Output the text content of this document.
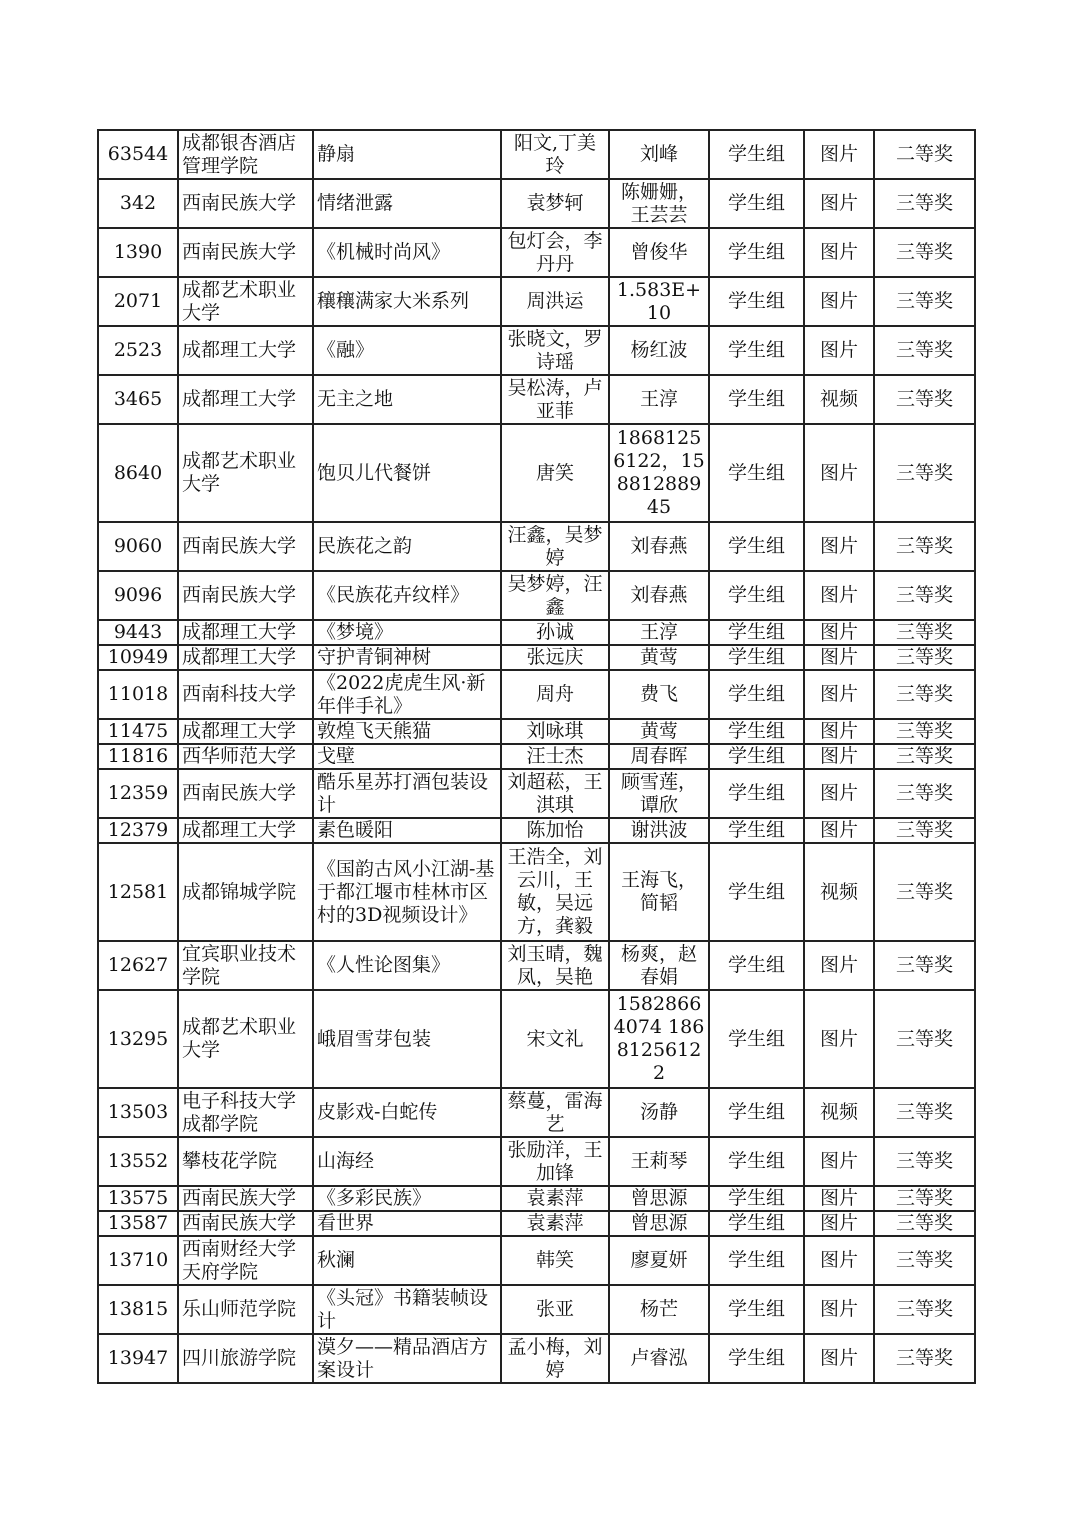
63544	成都银杏酒店管理学院	静扇	阳文,丁美玲	刘峰	学生组	图片	二等奖
342	西南民族大学	情绪泄露	袁梦轲	陈姗姗，王芸芸	学生组	图片	三等奖
1390	西南民族大学	《机械时尚风》	包灯会，李丹丹	曾俊华	学生组	图片	三等奖
2071	成都艺术职业大学	穰穰满家大米系列	周洪运	1.583E+10	学生组	图片	三等奖
2523	成都理工大学	《融》	张晓文，罗诗瑶	杨红波	学生组	图片	三等奖
3465	成都理工大学	无主之地	吴松涛，卢亚菲	王淳	学生组	视频	三等奖
8640	成都艺术职业大学	饱贝儿代餐饼	唐笑	18681256122，15881288945	学生组	图片	三等奖
9060	西南民族大学	民族花之韵	汪鑫，吴梦婷	刘春燕	学生组	图片	三等奖
9096	西南民族大学	《民族花卉纹样》	吴梦婷，汪鑫	刘春燕	学生组	图片	三等奖
9443	成都理工大学	《梦境》	孙诚	王淳	学生组	图片	三等奖
10949	成都理工大学	守护青铜神树	张远庆	黄莺	学生组	图片	三等奖
11018	西南科技大学	《2022虎虎生风·新年伴手礼》	周舟	费飞	学生组	图片	三等奖
11475	成都理工大学	敦煌飞天熊猫	刘咏琪	黄莺	学生组	图片	三等奖
11816	西华师范大学	戈壁	汪士杰	周春晖	学生组	图片	三等奖
12359	西南民族大学	酷乐星苏打酒包装设计	刘超菘，王淇琪	顾雪莲，谭欣	学生组	图片	三等奖
12379	成都理工大学	素色暖阳	陈加怡	谢洪波	学生组	图片	三等奖
12581	成都锦城学院	《国韵古风小江湖-基于都江堰市桂林市区村的3D视频设计》	王浩全，刘云川，王敏，吴远方，龚毅	王海飞，简韬	学生组	视频	三等奖
12627	宜宾职业技术学院	《人性论图集》	刘玉晴，魏凤，吴艳	杨爽，赵春娟	学生组	图片	三等奖
13295	成都艺术职业大学	峨眉雪芽包装	宋文礼	15828664074 18681256122	学生组	图片	三等奖
13503	电子科技大学成都学院	皮影戏-白蛇传	蔡蔓，雷海艺	汤静	学生组	视频	三等奖
13552	攀枝花学院	山海经	张励洋，王加锋	王莉琴	学生组	图片	三等奖
13575	西南民族大学	《多彩民族》	袁素萍	曾思源	学生组	图片	三等奖
13587	西南民族大学	看世界	袁素萍	曾思源	学生组	图片	三等奖
13710	西南财经大学天府学院	秋澜	韩笑	廖夏妍	学生组	图片	三等奖
13815	乐山师范学院	《头冠》书籍装帧设计	张亚	杨芒	学生组	图片	三等奖
13947	四川旅游学院	漠夕——精品酒店方案设计	孟小梅，刘婷	卢睿泓	学生组	图片	三等奖
